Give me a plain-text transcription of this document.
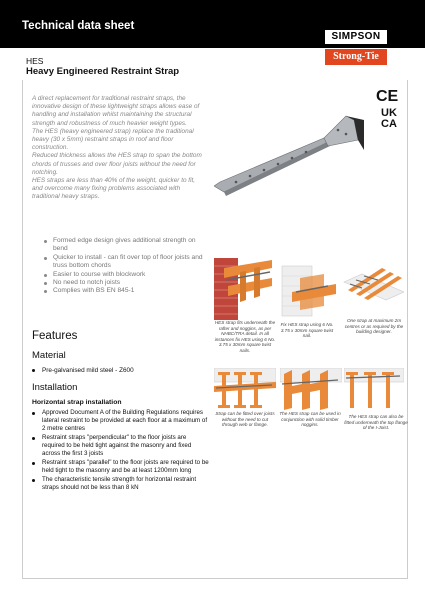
Technical data sheet
SIMPSON
Strong-Tie
HES
Heavy Engineered Restraint Strap

A direct replacement for traditional restraint straps, the innovative design of these lightweight straps allows ease of handling and installation whilst maintaining the structural strength and robustness of much heavier weight types.

The HES (heavy engineered strap) replace the traditional heavy (30 x 5mm) restraint straps in roof and floor construction.

Reduced thickness allows the HES strap to span the bottom chords of trusses and over floor joists without the need for notching.

HES straps are less than 40% of the weight, quicker to fit, and overcome many fixing problems associated with traditional heavy straps.

Formed edge design gives additional strength on bend
Quicker to install - can fit over top of floor joists and truss bottom chords
Easier to course with blockwork
No need to notch joists
Complies with BS EN 845-1
CE
UK CA
HES strap fits underneath the rafter and noggins, as per NHBC/TRA detail. In all instances fix HES using 6 No. 3.75 x 30mm square twist nails.
Fix HES strap using 6 No. 3.75 x 30mm square twist nail.
One strap at maximum 2m centres or as required by the building designer.
Strap can be fitted over joists without the need to cut through web or flange.
The HES strap can be used in conjunction with solid timber noggins.
The HES strap can also be fitted underneath the top flange of the I-Joist.
Features
Material
Pre-galvanised mild steel - Z600
Installation
Horizontal strap installation
Approved Document A of the Building Regulations requires lateral restraint to be provided at each floor at a maximum of 2 metre centres
Restraint straps "perpendicular" to the floor joists are required to be held tight against the masonry and fixed across the first 3 joists
Restraint straps "parallel" to the floor joists are required to be held tight to the masonry and be at least 1200mm long
The characteristic tensile strength for horizontal restraint straps should not be less than 8 kN
